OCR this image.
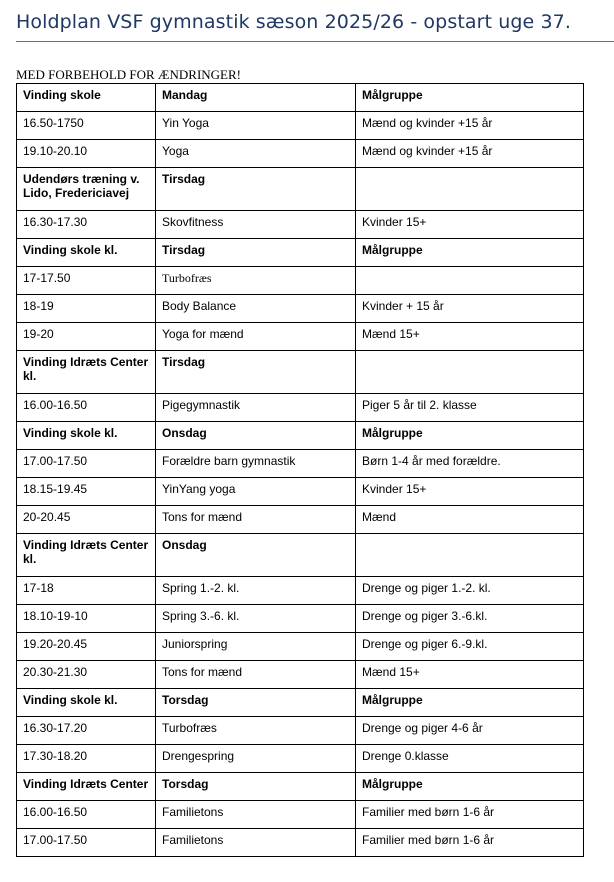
Holdplan VSF gymnastik sæson 2025/26 - opstart uge 37.
MED FORBEHOLD FOR ÆNDRINGER!
Vinding skole	Mandag	Målgruppe
16.50-1750	Yin Yoga	Mænd og kvinder +15 år
19.10-20.10	Yoga	Mænd og kvinder +15 år
Udendørs træning v. Lido, Fredericiavej	Tirsdag	
16.30-17.30	Skovfitness	Kvinder 15+
Vinding skole kl.	Tirsdag	Målgruppe
17-17.50	Turbofræs	
18-19	Body Balance	Kvinder + 15 år
19-20	Yoga for mænd	Mænd 15+
Vinding Idræts Center kl.	Tirsdag	
16.00-16.50	Pigegymnastik	Piger 5 år til 2. klasse
Vinding skole kl.	Onsdag	Målgruppe
17.00-17.50	Forældre barn gymnastik	Børn 1-4 år med forældre.
18.15-19.45	YinYang yoga	Kvinder 15+
20-20.45	Tons for mænd	Mænd
Vinding Idræts Center kl.	Onsdag	
17-18	Spring 1.-2. kl.	Drenge og piger 1.-2. kl.
18.10-19-10	Spring 3.-6. kl.	Drenge og piger 3.-6.kl.
19.20-20.45	Juniorspring	Drenge og piger 6.-9.kl.
20.30-21.30	Tons for mænd	Mænd 15+
Vinding skole kl.	Torsdag	Målgruppe
16.30-17.20	Turbofræs	Drenge og piger 4-6 år
17.30-18.20	Drengespring	Drenge 0.klasse
Vinding Idræts Center	Torsdag	Målgruppe
16.00-16.50	Familietons	Familier med børn 1-6 år
17.00-17.50	Familietons	Familier med børn 1-6 år
